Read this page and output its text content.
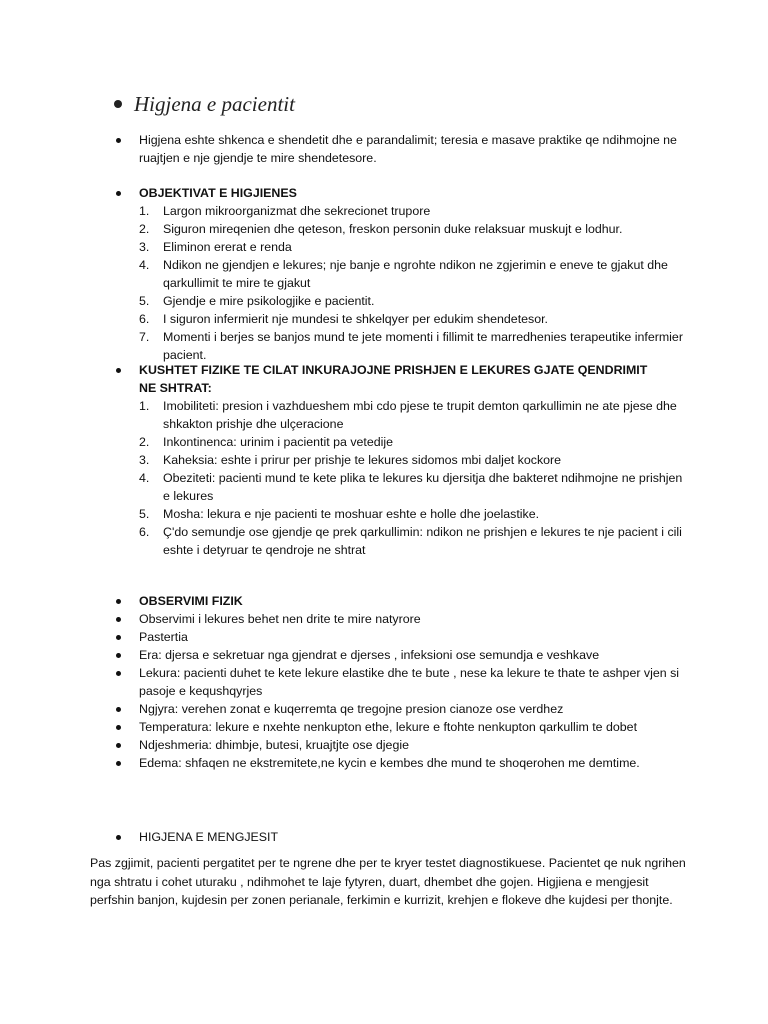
Higjena e pacientit
Higjena eshte shkenca e shendetit dhe e parandalimit; teresia e masave praktike qe ndihmojne ne ruajtjen e nje gjendje te mire shendetesore.
OBJEKTIVAT E HIGJIENES
1. Largon mikroorganizmat dhe sekrecionet trupore
2. Siguron mireqenien dhe qeteson, freskon personin duke relaksuar muskujt e lodhur.
3. Eliminon ererat e renda
4. Ndikon ne gjendjen e lekures; nje banje e ngrohte ndikon ne zgjerimin e eneve te gjakut dhe qarkullimit te mire te gjakut
5. Gjendje e mire psikologjike e pacientit.
6. I siguron infermierit nje mundesi te shkelqyer per edukim shendetesor.
7. Momenti i berjes se banjos mund te jete momenti i fillimit te marredhenies terapeutike infermier pacient.
KUSHTET FIZIKE TE CILAT INKURAJOJNE PRISHJEN E LEKURES GJATE QENDRIMIT NE SHTRAT:
1. Imobiliteti: presion i vazhdueshem mbi cdo pjese te trupit demton qarkullimin ne ate pjese dhe shkakton prishje dhe ulçeracione
2. Inkontinenca: urinim i pacientit pa vetedije
3. Kaheksia: eshte i prirur per prishje te lekures sidomos mbi daljet kockore
4. Obeziteti: pacienti mund te kete plika te lekures ku djersitja dhe bakteret ndihmojne ne prishjen e lekures
5. Mosha: lekura e nje pacienti te moshuar eshte e holle dhe joelastike.
6. Ç'do semundje ose gjendje qe prek qarkullimin: ndikon ne prishjen e lekures te nje pacient i cili eshte i detyruar te qendroje ne shtrat
OBSERVIMI FIZIK
Observimi i lekures behet nen drite te mire natyrore
Pastertia
Era: djersa e sekretuar nga gjendrat e djerses , infeksioni ose semundja e veshkave
Lekura: pacienti duhet te kete lekure elastike dhe te bute , nese ka lekure te thate te ashper vjen si pasoje e kequshqyrjes
Ngjyra: verehen zonat e kuqerremta qe tregojne presion cianoze ose verdhez
Temperatura: lekure e nxehte nenkupton ethe, lekure e ftohte nenkupton qarkullim te dobet
Ndjeshmeria: dhimbje, butesi, kruajtjte ose djegie
Edema: shfaqen ne ekstremitete,ne kycin e kembes dhe mund te shoqerohen me demtime.
HIGJENA E MENGJESIT
Pas zgjimit, pacienti pergatitet per te ngrene dhe per te kryer testet diagnostikuese. Pacientet qe nuk ngrihen nga shtratu i cohet uturaku , ndihmohet te laje fytyren, duart, dhembet dhe gojen. Higjiena e mengjesit perfshin banjon, kujdesin per zonen perianale, ferkimin e kurrizit, krehjen e flokeve dhe kujdesi per thonjte.
